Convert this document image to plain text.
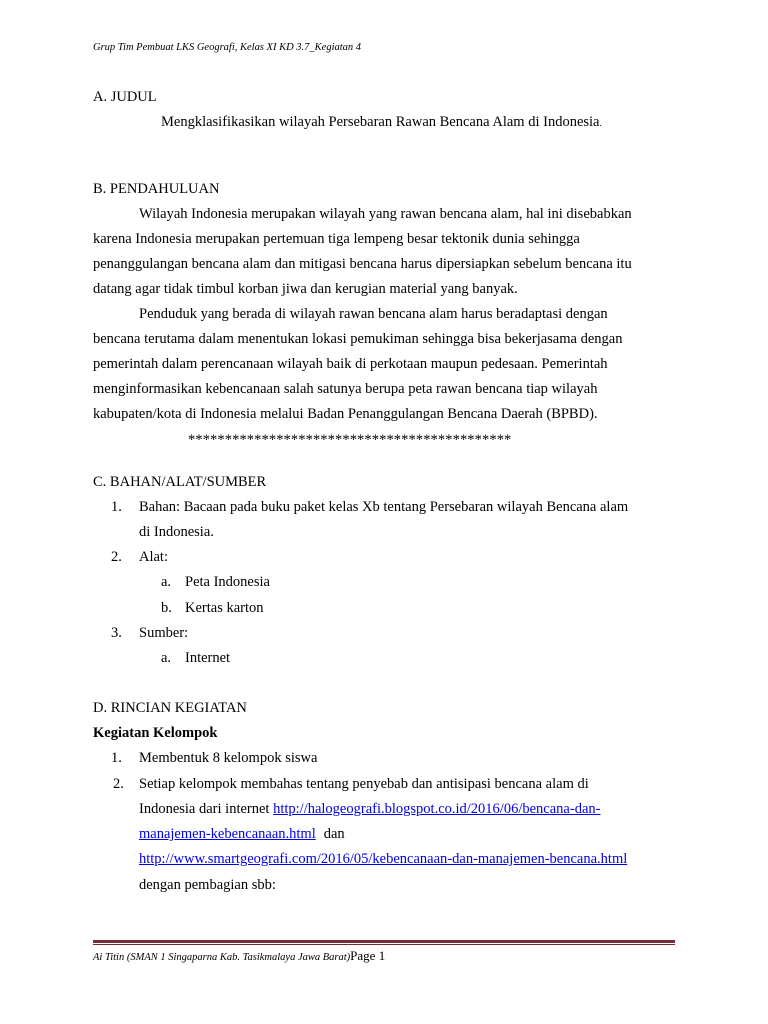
Grup Tim Pembuat LKS Geografi, Kelas XI KD 3.7_Kegiatan 4
A. JUDUL
Mengklasifikasikan wilayah Persebaran Rawan Bencana Alam di Indonesia.
B. PENDAHULUAN
Wilayah Indonesia merupakan wilayah yang rawan bencana alam, hal ini disebabkan
karena Indonesia merupakan pertemuan tiga lempeng besar tektonik dunia sehingga
penanggulangan bencana alam dan mitigasi bencana harus dipersiapkan sebelum bencana itu
datang agar tidak timbul korban jiwa dan kerugian material yang banyak.
Penduduk yang berada di wilayah rawan bencana alam harus beradaptasi dengan
bencana terutama dalam menentukan lokasi pemukiman sehingga bisa bekerjasama dengan
pemerintah dalam perencanaan wilayah baik di perkotaan maupun pedesaan. Pemerintah
menginformasikan kebencanaan salah satunya berupa peta rawan bencana tiap wilayah
kabupaten/kota di Indonesia melalui Badan Penanggulangan Bencana Daerah (BPBD).
********************************************
C. BAHAN/ALAT/SUMBER
1. Bahan: Bacaan pada buku paket kelas Xb tentang Persebaran wilayah Bencana alam
di Indonesia.
2. Alat:
a. Peta Indonesia
b. Kertas karton
3. Sumber:
a. Internet
D. RINCIAN KEGIATAN
Kegiatan Kelompok
1. Membentuk 8 kelompok siswa
2. Setiap kelompok membahas tentang penyebab dan antisipasi bencana alam di
Indonesia dari internet http://halogeografi.blogspot.co.id/2016/06/bencana-dan-
manajemen-kebencanaan.html dan
http://www.smartgeografi.com/2016/05/kebencanaan-dan-manajemen-bencana.html
dengan pembagian sbb:
Ai Titin (SMAN 1 Singaparna Kab. Tasikmalaya Jawa Barat)Page 1
